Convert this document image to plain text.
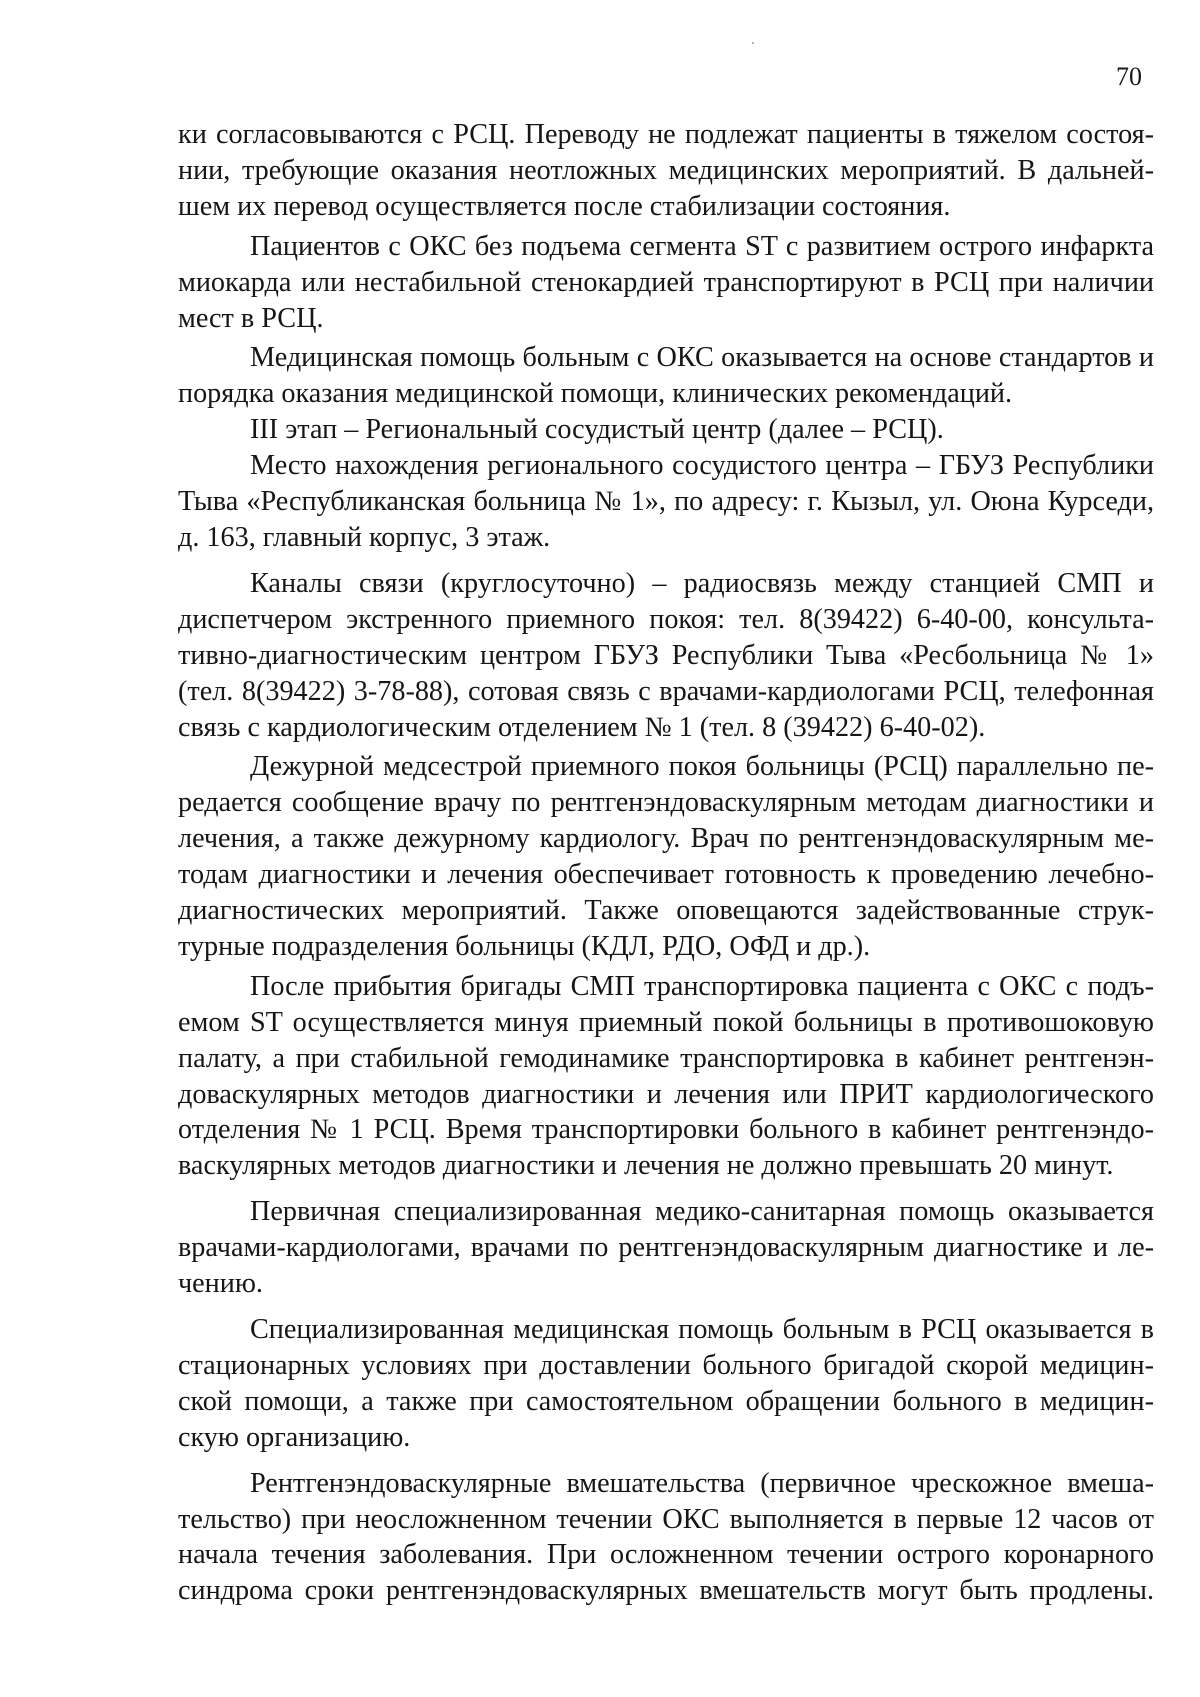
70

ки согласовываются с РСЦ. Переводу не подлежат пациенты в тяжелом состоянии, требующие оказания неотложных медицинских мероприятий. В дальнейшем их перевод осуществляется после стабилизации состояния.

Пациентов с ОКС без подъема сегмента ST с развитием острого инфаркта миокарда или нестабильной стенокардией транспортируют в РСЦ при наличии мест в РСЦ.

Медицинская помощь больным с ОКС оказывается на основе стандартов и порядка оказания медицинской помощи, клинических рекомендаций.

III этап – Региональный сосудистый центр (далее – РСЦ).

Место нахождения регионального сосудистого центра – ГБУЗ Республики Тыва «Республиканская больница № 1», по адресу: г. Кызыл, ул. Оюна Курседи, д. 163, главный корпус, 3 этаж.

Каналы связи (круглосуточно) – радиосвязь между станцией СМП и диспетчером экстренного приемного покоя: тел. 8(39422) 6-40-00, консультативно-диагностическим центром ГБУЗ Республики Тыва «Ресбольница № 1» (тел. 8(39422) 3-78-88), сотовая связь с врачами-кардиологами РСЦ, телефонная связь с кардиологическим отделением № 1 (тел. 8 (39422) 6-40-02).

Дежурной медсестрой приемного покоя больницы (РСЦ) параллельно передается сообщение врачу по рентгенэндоваскулярным методам диагностики и лечения, а также дежурному кардиологу. Врач по рентгенэндоваскулярным методам диагностики и лечения обеспечивает готовность к проведению лечебно-диагностических мероприятий. Также оповещаются задействованные структурные подразделения больницы (КДЛ, РДО, ОФД и др.).

После прибытия бригады СМП транспортировка пациента с ОКС с подъемом ST осуществляется минуя приемный покой больницы в противошоковую палату, а при стабильной гемодинамике транспортировка в кабинет рентгенэндоваскулярных методов диагностики и лечения или ПРИТ кардиологического отделения № 1 РСЦ. Время транспортировки больного в кабинет рентгенэндоваскулярных методов диагностики и лечения не должно превышать 20 минут.

Первичная специализированная медико-санитарная помощь оказывается врачами-кардиологами, врачами по рентгенэндоваскулярным диагностике и лечению.

Специализированная медицинская помощь больным в РСЦ оказывается в стационарных условиях при доставлении больного бригадой скорой медицинской помощи, а также при самостоятельном обращении больного в медицинскую организацию.

Рентгенэндоваскулярные вмешательства (первичное чрескожное вмешательство) при неосложненном течении ОКС выполняется в первые 12 часов от начала течения заболевания. При осложненном течении острого коронарного синдрома сроки рентгенэндоваскулярных вмешательств могут быть продлены.
